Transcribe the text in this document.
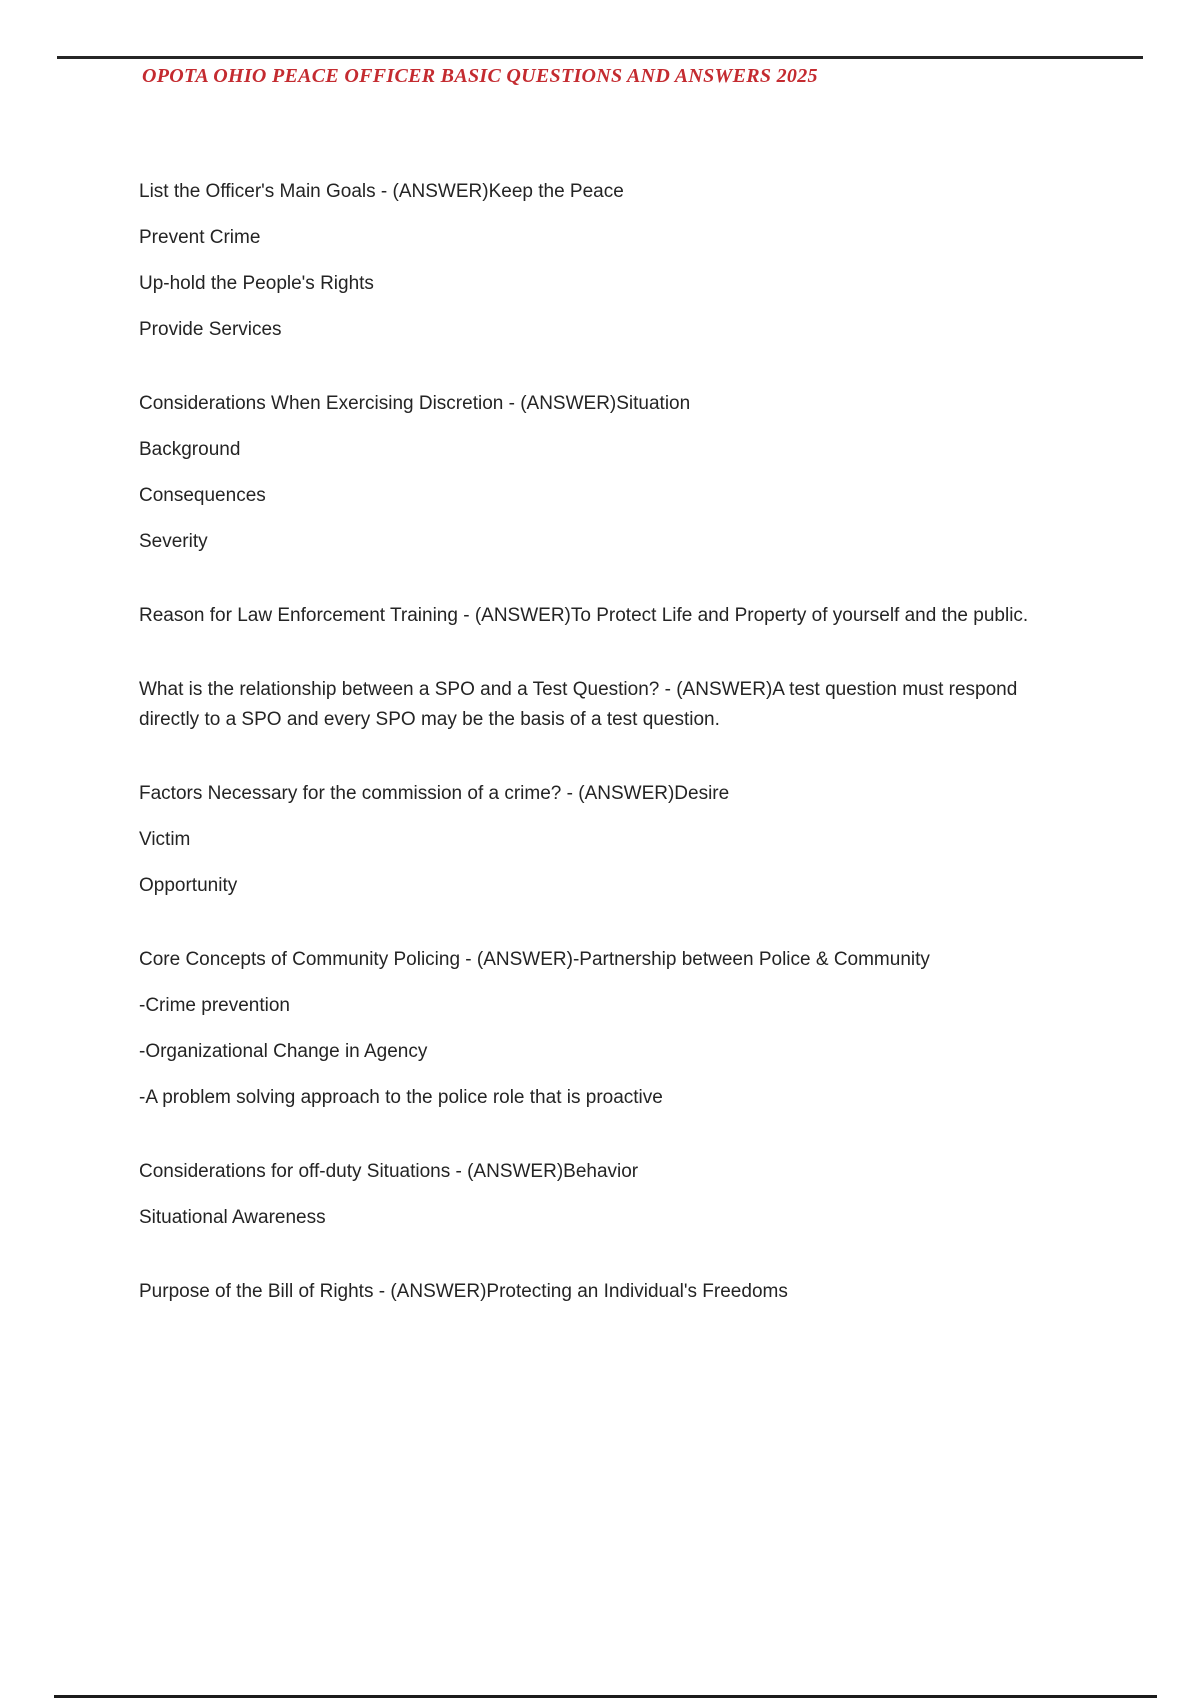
OPOTA OHIO PEACE OFFICER BASIC QUESTIONS AND ANSWERS 2025
List the Officer's Main Goals - (ANSWER)Keep the Peace
Prevent Crime
Up-hold the People's Rights
Provide Services
Considerations When Exercising Discretion - (ANSWER)Situation
Background
Consequences
Severity
Reason for Law Enforcement Training - (ANSWER)To Protect Life and Property of yourself and the public.
What is the relationship between a SPO and a Test Question? - (ANSWER)A test question must respond
directly to a SPO and every SPO may be the basis of a test question.
Factors Necessary for the commission of a crime? - (ANSWER)Desire
Victim
Opportunity
Core Concepts of Community Policing - (ANSWER)-Partnership between Police & Community
-Crime prevention
-Organizational Change in Agency
-A problem solving approach to the police role that is proactive
Considerations for off-duty Situations - (ANSWER)Behavior
Situational Awareness
Purpose of the Bill of Rights - (ANSWER)Protecting an Individual's Freedoms
